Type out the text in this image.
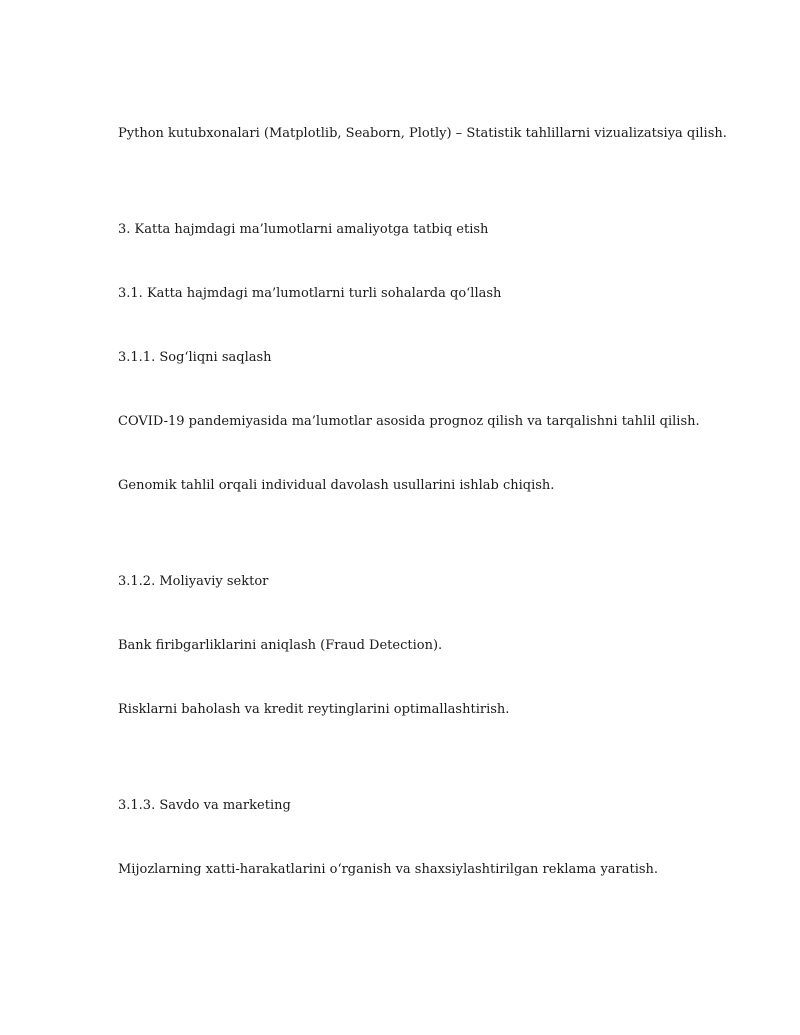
Python kutubxonalari (Matplotlib, Seaborn, Plotly) – Statistik tahlillarni vizualizatsiya qilish.

3. Katta hajmdagi ma’lumotlarni amaliyotga tatbiq etish

3.1. Katta hajmdagi ma’lumotlarni turli sohalarda qo‘llash

3.1.1. Sog‘liqni saqlash

COVID-19 pandemiyasida ma’lumotlar asosida prognoz qilish va tarqalishni tahlil qilish.

Genomik tahlil orqali individual davolash usullarini ishlab chiqish.

3.1.2. Moliyaviy sektor

Bank firibgarliklarini aniqlash (Fraud Detection).

Risklarni baholash va kredit reytinglarini optimallashtirish.

3.1.3. Savdo va marketing

Mijozlarning xatti-harakatlarini o‘rganish va shaxsiylashtirilgan reklama yaratish.
